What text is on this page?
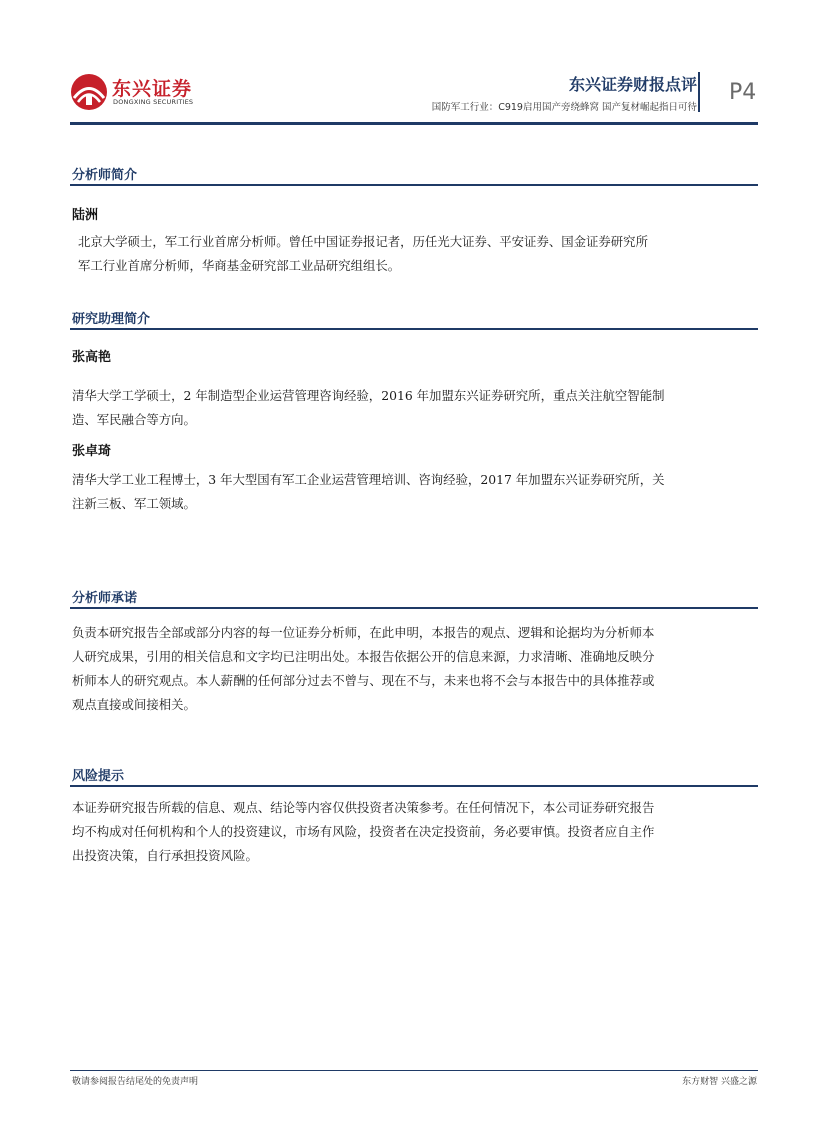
东兴证券
DONGXING SECURITIES
东兴证券财报点评
国防军工行业：C919启用国产旁绕蜂窝 国产复材崛起指日可待
P4
分析师简介
陆洲
北京大学硕士，军工行业首席分析师。曾任中国证券报记者，历任光大证券、平安证券、国金证券研究所
军工行业首席分析师，华商基金研究部工业品研究组组长。
研究助理简介
张高艳
清华大学工学硕士，2 年制造型企业运营管理咨询经验，2016 年加盟东兴证券研究所，重点关注航空智能制
造、军民融合等方向。
张卓琦
清华大学工业工程博士，3 年大型国有军工企业运营管理培训、咨询经验，2017 年加盟东兴证券研究所，关
注新三板、军工领域。
分析师承诺
负责本研究报告全部或部分内容的每一位证券分析师，在此申明，本报告的观点、逻辑和论据均为分析师本
人研究成果，引用的相关信息和文字均已注明出处。本报告依据公开的信息来源，力求清晰、准确地反映分
析师本人的研究观点。本人薪酬的任何部分过去不曾与、现在不与，未来也将不会与本报告中的具体推荐或
观点直接或间接相关。
风险提示
本证券研究报告所载的信息、观点、结论等内容仅供投资者决策参考。在任何情况下，本公司证券研究报告
均不构成对任何机构和个人的投资建议，市场有风险，投资者在决定投资前，务必要审慎。投资者应自主作
出投资决策，自行承担投资风险。
敬请参阅报告结尾处的免责声明	东方财智 兴盛之源
